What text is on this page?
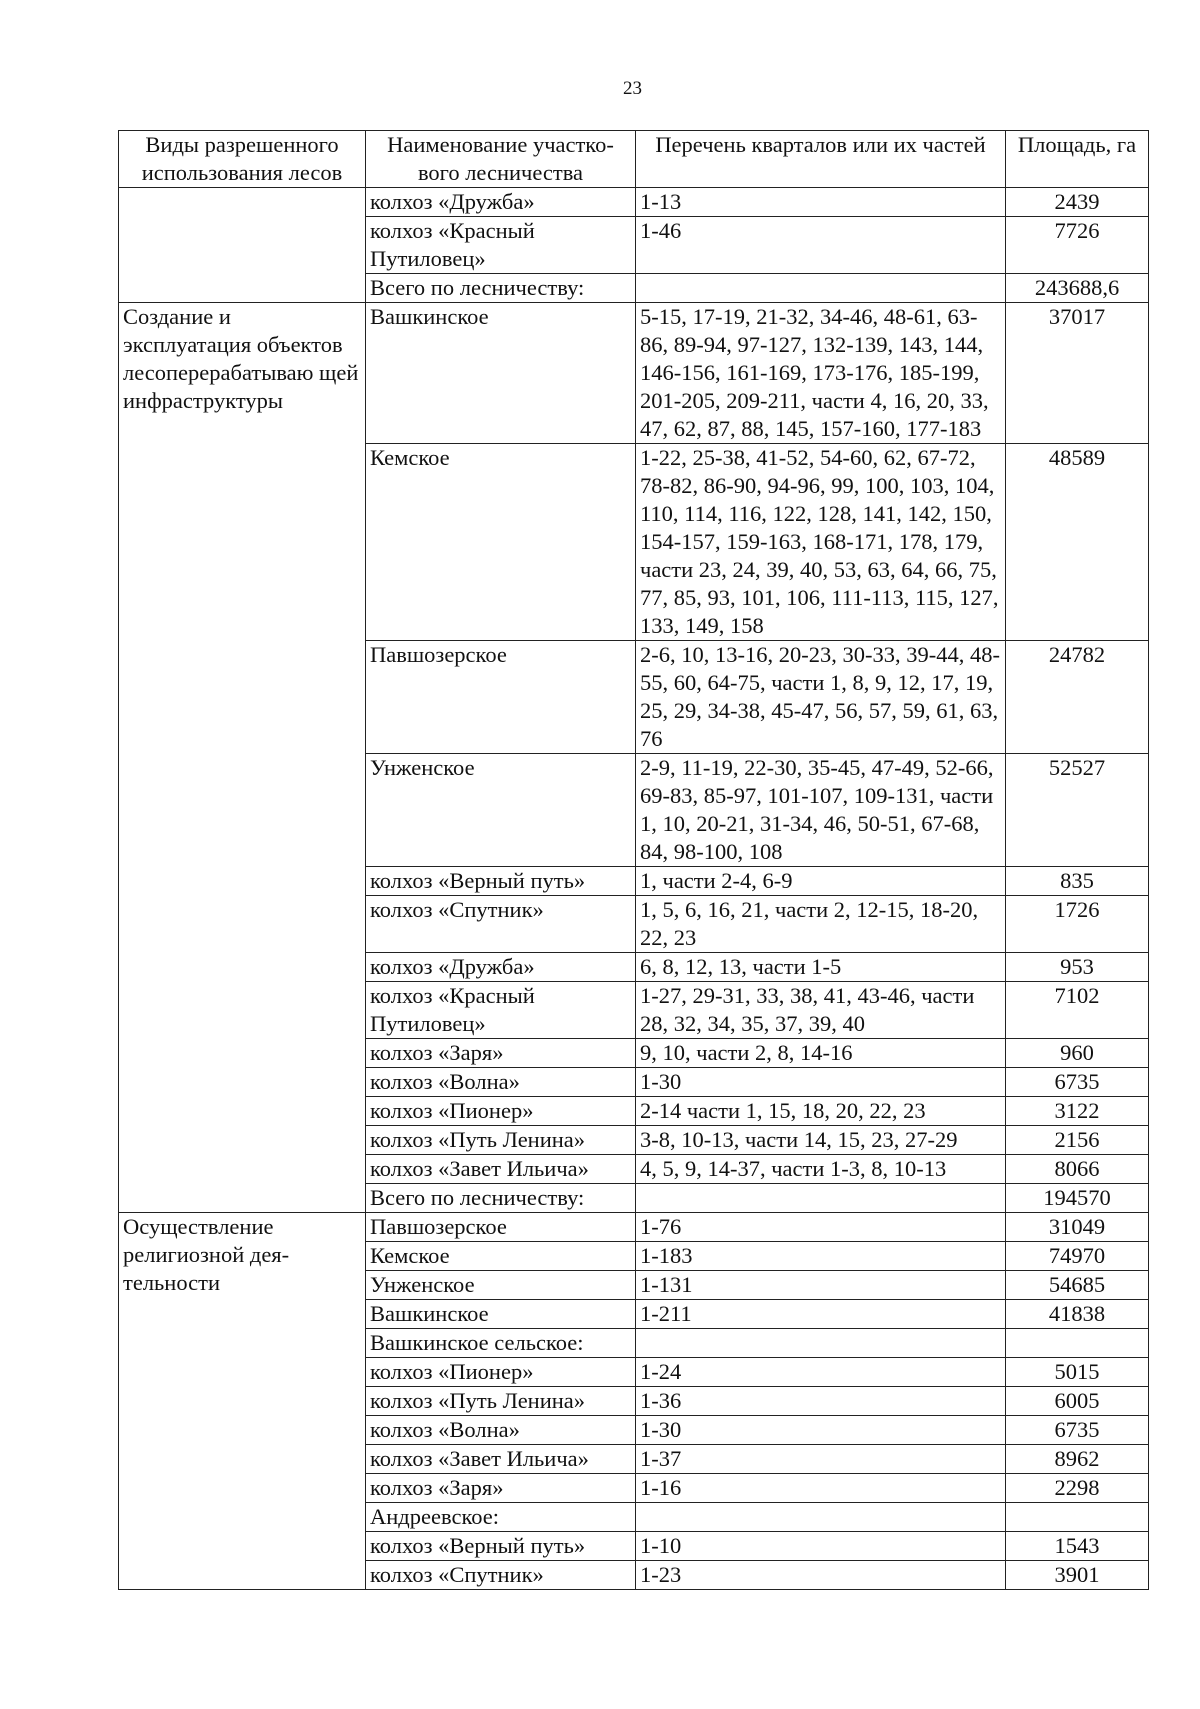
23
Виды разрешенного использования лесов	Наименование участко-вого лесничества	Перечень кварталов или их частей	Площадь, га
	колхоз «Дружба»	1-13	2439
	колхоз «Красный Путиловец»	1-46	7726
	Всего по лесничеству:		243688,6
Создание и эксплуатация объектов лесоперерабатываю щей инфраструктуры	Вашкинское	5-15, 17-19, 21-32, 34-46, 48-61, 63-86, 89-94, 97-127, 132-139, 143, 144, 146-156, 161-169, 173-176, 185-199, 201-205, 209-211, части 4, 16, 20, 33, 47, 62, 87, 88, 145, 157-160, 177-183	37017
	Кемское	1-22, 25-38, 41-52, 54-60, 62, 67-72, 78-82, 86-90, 94-96, 99, 100, 103, 104, 110, 114, 116, 122, 128, 141, 142, 150, 154-157, 159-163, 168-171, 178, 179, части 23, 24, 39, 40, 53, 63, 64, 66, 75, 77, 85, 93, 101, 106, 111-113, 115, 127, 133, 149, 158	48589
	Павшозерское	2-6, 10, 13-16, 20-23, 30-33, 39-44, 48-55, 60, 64-75, части 1, 8, 9, 12, 17, 19, 25, 29, 34-38, 45-47, 56, 57, 59, 61, 63, 76	24782
	Унженское	2-9, 11-19, 22-30, 35-45, 47-49, 52-66, 69-83, 85-97, 101-107, 109-131, части 1, 10, 20-21, 31-34, 46, 50-51, 67-68, 84, 98-100, 108	52527
	колхоз «Верный путь»	1, части 2-4, 6-9	835
	колхоз «Спутник»	1, 5, 6, 16, 21, части 2, 12-15, 18-20, 22, 23	1726
	колхоз «Дружба»	6, 8, 12, 13, части 1-5	953
	колхоз «Красный Путиловец»	1-27, 29-31, 33, 38, 41, 43-46, части 28, 32, 34, 35, 37, 39, 40	7102
	колхоз «Заря»	9, 10, части 2, 8, 14-16	960
	колхоз «Волна»	1-30	6735
	колхоз «Пионер»	2-14 части 1, 15, 18, 20, 22, 23	3122
	колхоз «Путь Ленина»	3-8, 10-13, части 14, 15, 23, 27-29	2156
	колхоз «Завет Ильича»	4, 5, 9, 14-37, части 1-3, 8, 10-13	8066
	Всего по лесничеству:		194570
Осуществление религиозной дея-тельности	Павшозерское	1-76	31049
	Кемское	1-183	74970
	Унженское	1-131	54685
	Вашкинское	1-211	41838
	Вашкинское сельское:		
	колхоз «Пионер»	1-24	5015
	колхоз «Путь Ленина»	1-36	6005
	колхоз «Волна»	1-30	6735
	колхоз «Завет Ильича»	1-37	8962
	колхоз «Заря»	1-16	2298
	Андреевское:		
	колхоз «Верный путь»	1-10	1543
	колхоз «Спутник»	1-23	3901
